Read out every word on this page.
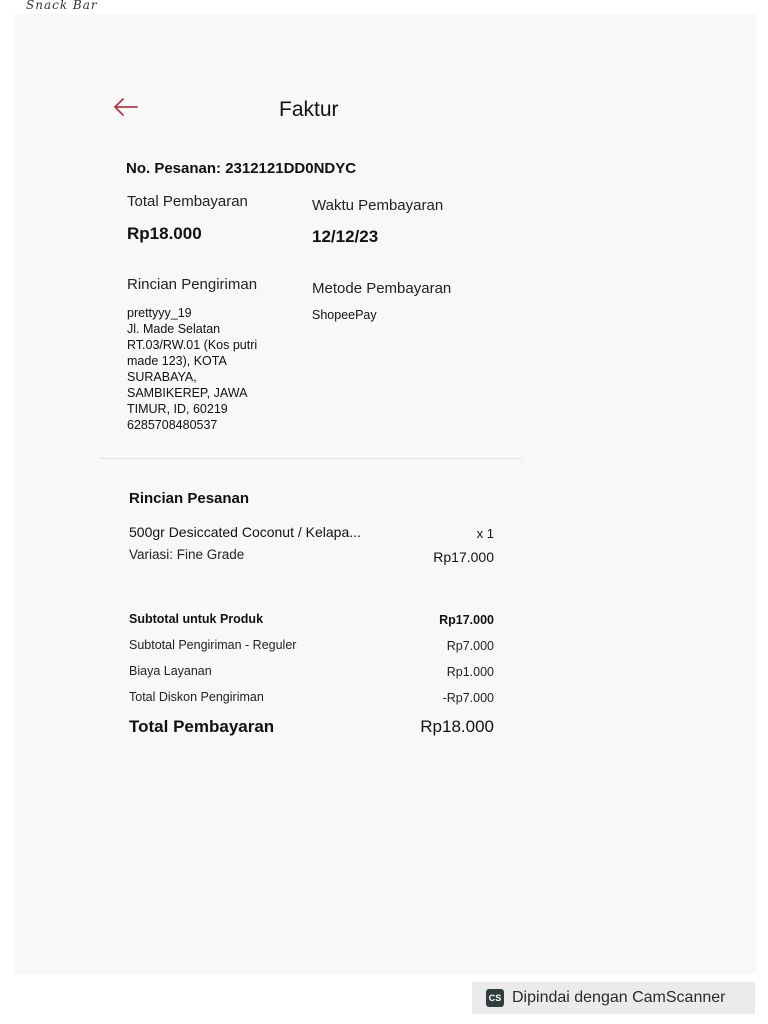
Snack Bar
Faktur
No. Pesanan: 2312121DD0NDYC
Total Pembayaran
Rp18.000
Waktu Pembayaran
12/12/23
Rincian Pengiriman
prettyyy_19
Jl. Made Selatan
RT.03/RW.01 (Kos putri
made 123), KOTA
SURABAYA,
SAMBIKEREP, JAWA
TIMUR, ID, 60219
6285708480537
Metode Pembayaran
ShopeePay
Rincian Pesanan
500gr Desiccated Coconut / Kelapa...	x 1
Variasi: Fine Grade	Rp17.000
Subtotal untuk Produk	Rp17.000
Subtotal Pengiriman - Reguler	Rp7.000
Biaya Layanan	Rp1.000
Total Diskon Pengiriman	-Rp7.000
Total Pembayaran	Rp18.000
CS Dipindai dengan CamScanner
